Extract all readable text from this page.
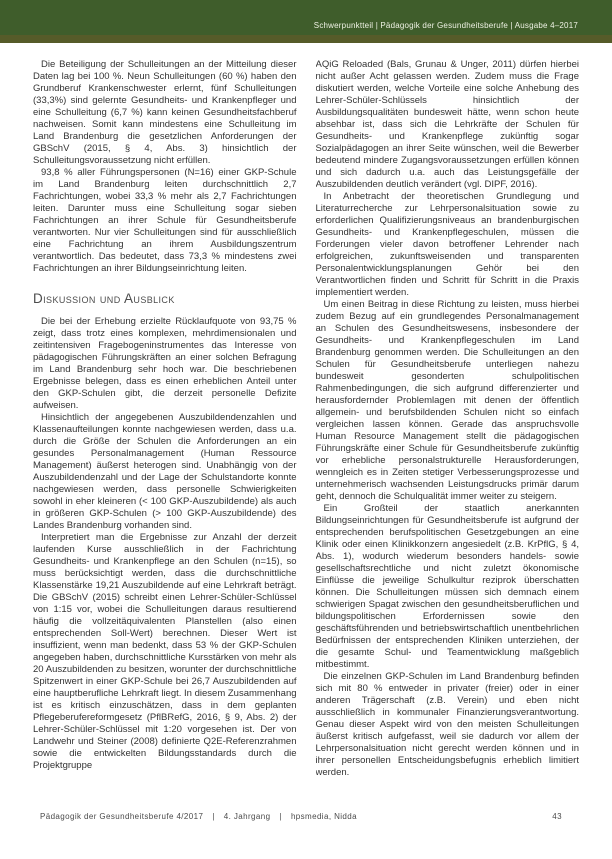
Schwerpunktteil | Pädagogik der Gesundheitsberufe | Ausgabe 4–2017

Die Beteiligung der Schulleitungen an der Mitteilung dieser Daten lag bei 100 %. Neun Schulleitungen (60 %) haben den Grundberuf Krankenschwester erlernt, fünf Schulleitungen (33,3%) sind gelernte Gesundheits- und Krankenpfleger und eine Schulleitung (6,7 %) kann keinen Gesundheitsfachberuf nachweisen. Somit kann mindestens eine Schulleitung im Land Brandenburg die gesetzlichen Anforderungen der GBSchV (2015, § 4, Abs. 3) hinsichtlich der Schulleitungsvoraussetzung nicht erfüllen.

93,8 % aller Führungspersonen (N=16) einer GKP-Schule im Land Brandenburg leiten durchschnittlich 2,7 Fachrichtungen, wobei 33,3 % mehr als 2,7 Fachrichtungen leiten. Darunter muss eine Schulleitung sogar sieben Fachrichtungen an ihrer Schule für Gesundheitsberufe verantworten. Nur vier Schulleitungen sind für ausschließlich eine Fachrichtung an ihrem Ausbildungszentrum verantwortlich. Das bedeutet, dass 73,3 % mindestens zwei Fachrichtungen an ihrer Bildungseinrichtung leiten.

Diskussion und Ausblick

Die bei der Erhebung erzielte Rücklaufquote von 93,75 % zeigt, dass trotz eines komplexen, mehrdimensionalen und zeitintensiven Fragebogeninstrumentes das Interesse von pädagogischen Führungskräften an einer solchen Befragung im Land Brandenburg sehr hoch war. Die beschriebenen Ergebnisse belegen, dass es einen erheblichen Anteil unter den GKP-Schulen gibt, die derzeit personelle Defizite aufweisen.

Hinsichtlich der angegebenen Auszubildendenzahlen und Klassenaufteilungen konnte nachgewiesen werden, dass u.a. durch die Größe der Schulen die Anforderungen an ein gesundes Personalmanagement (Human Ressource Management) äußerst heterogen sind. Unabhängig von der Auszubildendenzahl und der Lage der Schulstandorte konnte nachgewiesen werden, dass personelle Schwierigkeiten sowohl in eher kleineren (< 100 GKP-Auszubildende) als auch in größeren GKP-Schulen (> 100 GKP-Auszubildende) des Landes Brandenburg vorhanden sind.

Interpretiert man die Ergebnisse zur Anzahl der derzeit laufenden Kurse ausschließlich in der Fachrichtung Gesundheits- und Krankenpflege an den Schulen (n=15), so muss berücksichtigt werden, dass die durchschnittliche Klassenstärke 19,21 Auszubildende auf eine Lehrkraft beträgt. Die GBSchV (2015) schreibt einen Lehrer-Schüler-Schlüssel von 1:15 vor, wobei die Schulleitungen daraus resultierend häufig die vollzeitäquivalenten Planstellen (also einen entsprechenden Soll-Wert) berechnen. Dieser Wert ist insuffizient, wenn man bedenkt, dass 53 % der GKP-Schulen angegeben haben, durchschnittliche Kursstärken von mehr als 20 Auszubildenden zu besitzen, worunter der durchschnittliche Spitzenwert in einer GKP-Schule bei 26,7 Auszubildenden auf eine hauptberufliche Lehrkraft liegt. In diesem Zusammenhang ist es kritisch einzuschätzen, dass in dem geplanten Pflegeberufereformgesetz (PflBRefG, 2016, § 9, Abs. 2) der Lehrer-Schüler-Schlüssel mit 1:20 vorgesehen ist. Der von Landwehr und Steiner (2008) definierte Q2E-Referenzrahmen sowie die entwickelten Bildungsstandards durch die Projektgruppe

AQiG Reloaded (Bals, Grunau & Unger, 2011) dürfen hierbei nicht außer Acht gelassen werden. Zudem muss die Frage diskutiert werden, welche Vorteile eine solche Anhebung des Lehrer-Schüler-Schlüssels hinsichtlich der Ausbildungsqualitäten bundesweit hätte, wenn schon heute absehbar ist, dass sich die Lehrkräfte der Schulen für Gesundheits- und Krankenpflege zukünftig sogar Sozialpädagogen an ihrer Seite wünschen, weil die Bewerber bedeutend mindere Zugangsvoraussetzungen erfüllen können und sich dadurch u.a. auch das Leistungsgefälle der Auszubildenden deutlich verändert (vgl. DIPF, 2016).

In Anbetracht der theoretischen Grundlegung und Literaturrecherche zur Lehrpersonalsituation sowie zu erforderlichen Qualifizierungsniveaus an brandenburgischen Gesundheits- und Krankenpflegeschulen, müssen die Forderungen vieler davon betroffener Lehrender nach erfolgreichen, zukunftsweisenden und transparenten Personalentwicklungsplanungen Gehör bei den Verantwortlichen finden und Schritt für Schritt in die Praxis implementiert werden.

Um einen Beitrag in diese Richtung zu leisten, muss hierbei zudem Bezug auf ein grundlegendes Personalmanagement an Schulen des Gesundheitswesens, insbesondere der Gesundheits- und Krankenpflegeschulen im Land Brandenburg genommen werden. Die Schulleitungen an den Schulen für Gesundheitsberufe unterliegen nahezu bundesweit gesonderten schulpolitischen Rahmenbedingungen, die sich aufgrund differenzierter und herausfordernder Problemlagen mit denen der öffentlich allgemein- und berufsbildenden Schulen nicht so einfach vergleichen lassen können. Gerade das anspruchsvolle Human Resource Management stellt die pädagogischen Führungskräfte einer Schule für Gesundheitsberufe zukünftig vor erhebliche personalstrukturelle Herausforderungen, wenngleich es in Zeiten stetiger Verbesserungsprozesse und unternehmerisch wachsenden Leistungsdrucks primär darum geht, dennoch die Schulqualität immer weiter zu steigern.

Ein Großteil der staatlich anerkannten Bildungseinrichtungen für Gesundheitsberufe ist aufgrund der entsprechenden berufspolitischen Gesetzgebungen an eine Klinik oder einen Klinikkonzern angesiedelt (z.B. KrPflG, § 4, Abs. 1), wodurch wiederum besonders handels- sowie gesellschaftsrechtliche und nicht zuletzt ökonomische Einflüsse die jeweilige Schulkultur reziprok überschatten können. Die Schulleitungen müssen sich demnach einem schwierigen Spagat zwischen den gesundheitsberuflichen und bildungspolitischen Erfordernissen sowie den geschäftsführenden und betriebswirtschaftlich unentbehrlichen Bedürfnissen der entsprechenden Kliniken unterziehen, der die gesamte Schul- und Teamentwicklung maßgeblich mitbestimmt.

Die einzelnen GKP-Schulen im Land Brandenburg befinden sich mit 80 % entweder in privater (freier) oder in einer anderen Trägerschaft (z.B. Verein) und eben nicht ausschließlich in kommunaler Finanzierungsverantwortung. Genau dieser Aspekt wird von den meisten Schulleitungen äußerst kritisch aufgefasst, weil sie dadurch vor allem der Lehrpersonalsituation nicht gerecht werden können und in ihrer personellen Entscheidungsbefugnis erheblich limitiert werden.

Pädagogik der Gesundheitsberufe 4/2017 | 4. Jahrgang | hpsmedia, Nidda	43
